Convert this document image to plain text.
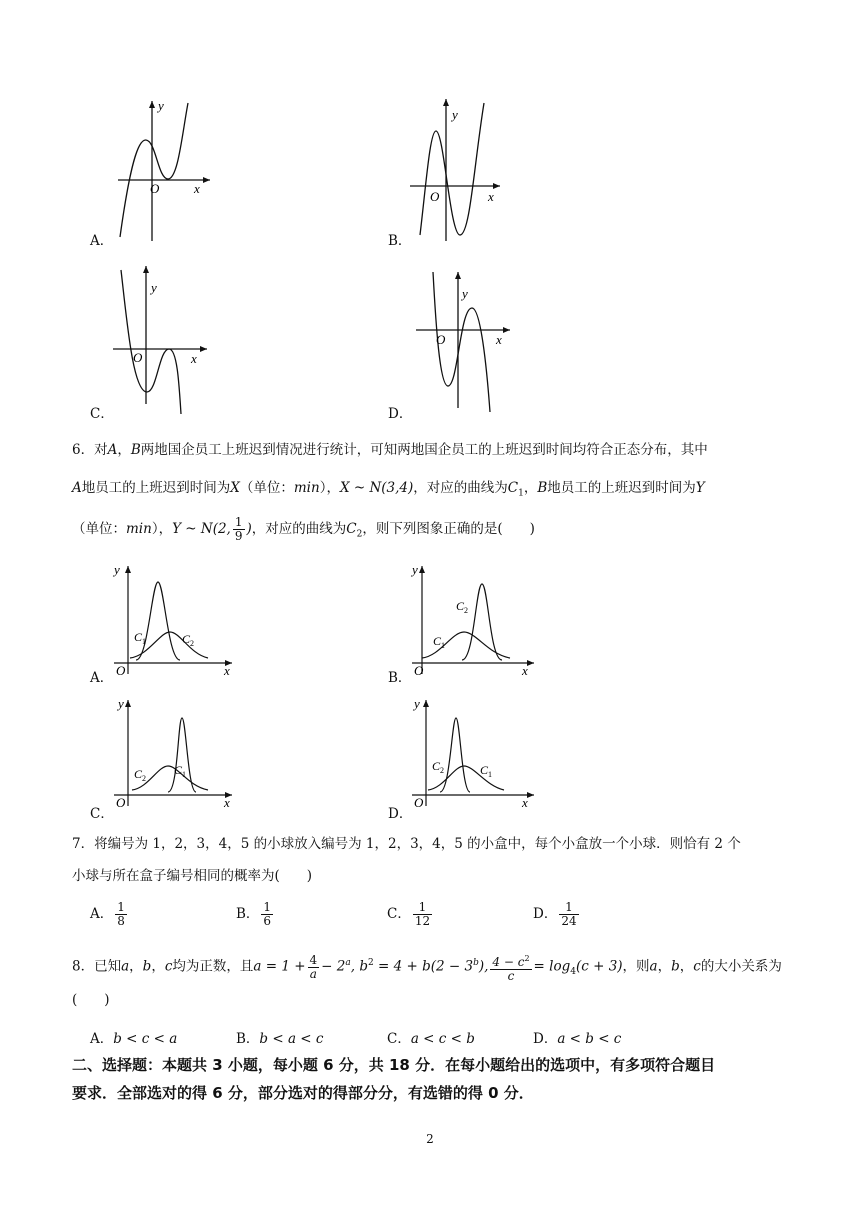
y
O	x
A．
y
O	x
B．
y
O	x
C．
y
O	x
D．
6．对A，B两地国企员工上班迟到情况进行统计，可知两地国企员工的上班迟到时间均符合正态分布，其中
A地员工的上班迟到时间为X（单位：min），X ~ N(3,4)，对应的曲线为$C_1$，B地员工的上班迟到时间为Y
（单位：min），Y ~ N(2, $\frac{1}{9}$ )，对应的曲线为$C_2$，则下列图象正确的是(　　)
y
$C_1$	$C_2$
O	x
A．
y
$C_1$
$C_2$
O	x
B．
y
$C_2$
$C_1$
O	x
C．
y
$C_2$	$C_1$
O	x
D．
7．将编号为 1，2，3，4，5 的小球放入编号为 1，2，3，4，5 的小盒中，每个小盒放一个小球．则恰有 2 个
小球与所在盒子编号相同的概率为(　　)
A． $\frac{1}{8}$	B． $\frac{1}{6}$	C． $\frac{1}{12}$	D． $\frac{1}{24}$
8．已知a，b，c均为正数，且$a = 1 + \frac{4}{a} - 2^a$, $b^2 = 4 + b(2 - 3^b)$, $\frac{4 - c^2}{c} = \log_4(c + 3)$，则a，b，c的大小关系为
(　　)
A．b < c < a	B．b < a < c	C．a < c < b	D．a < b < c
二、选择题：本题共 3 小题，每小题 6 分，共 18 分．在每小题给出的选项中，有多项符合题目
要求．全部选对的得 6 分，部分选对的得部分分，有选错的得 0 分．
2
